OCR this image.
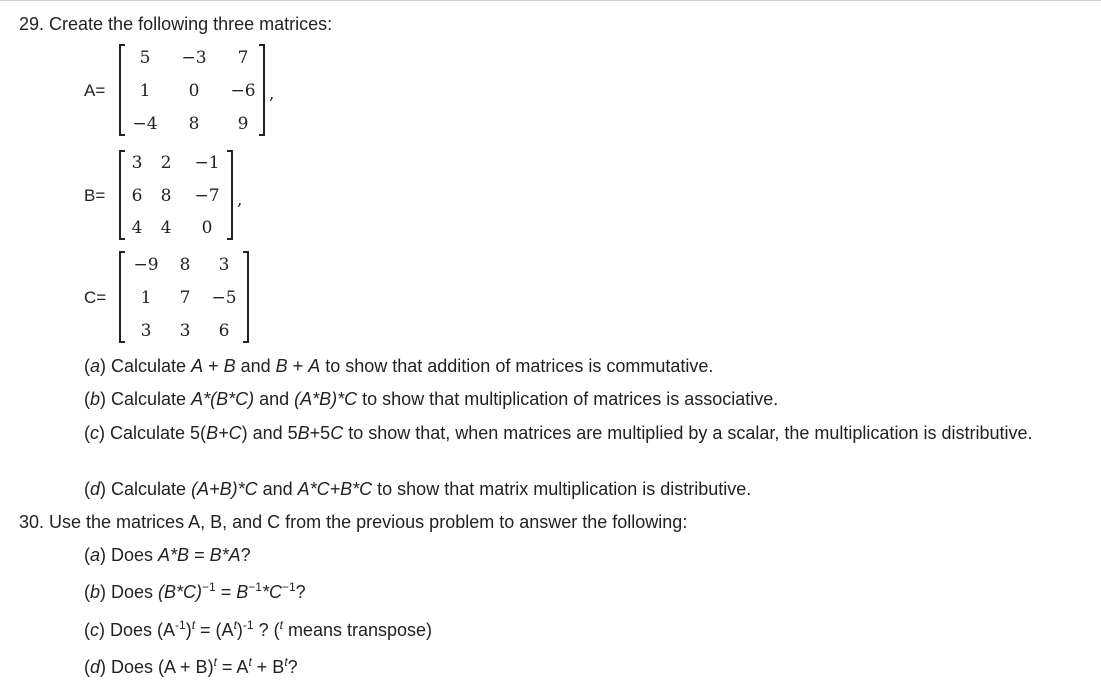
29. Create the following three matrices:
A=
5 −3 7
1 0 −6
−4 8 9
,
B=
3 2 −1
6 8 −7
4 4 0
,
C=
−9 8 3
1 7 −5
3 3 6
(a) Calculate A + B and B + A to show that addition of matrices is commutative.
(b) Calculate A*(B*C) and (A*B)*C to show that multiplication of matrices is associative.
(c) Calculate 5(B+C) and 5B+5C to show that, when matrices are multiplied by a scalar, the multiplication is distributive.
(d) Calculate (A+B)*C and A*C+B*C to show that matrix multiplication is distributive.
30. Use the matrices A, B, and C from the previous problem to answer the following:
(a) Does A*B = B*A?
(b) Does $(B*C)^{-1} = B^{-1}*C^{-1}$?
(c) Does $(A^{-1})^t = (A^t)^{-1}$ ? ($^t$ means transpose)
(d) Does $(A + B)^t = A^t + B^t$?
